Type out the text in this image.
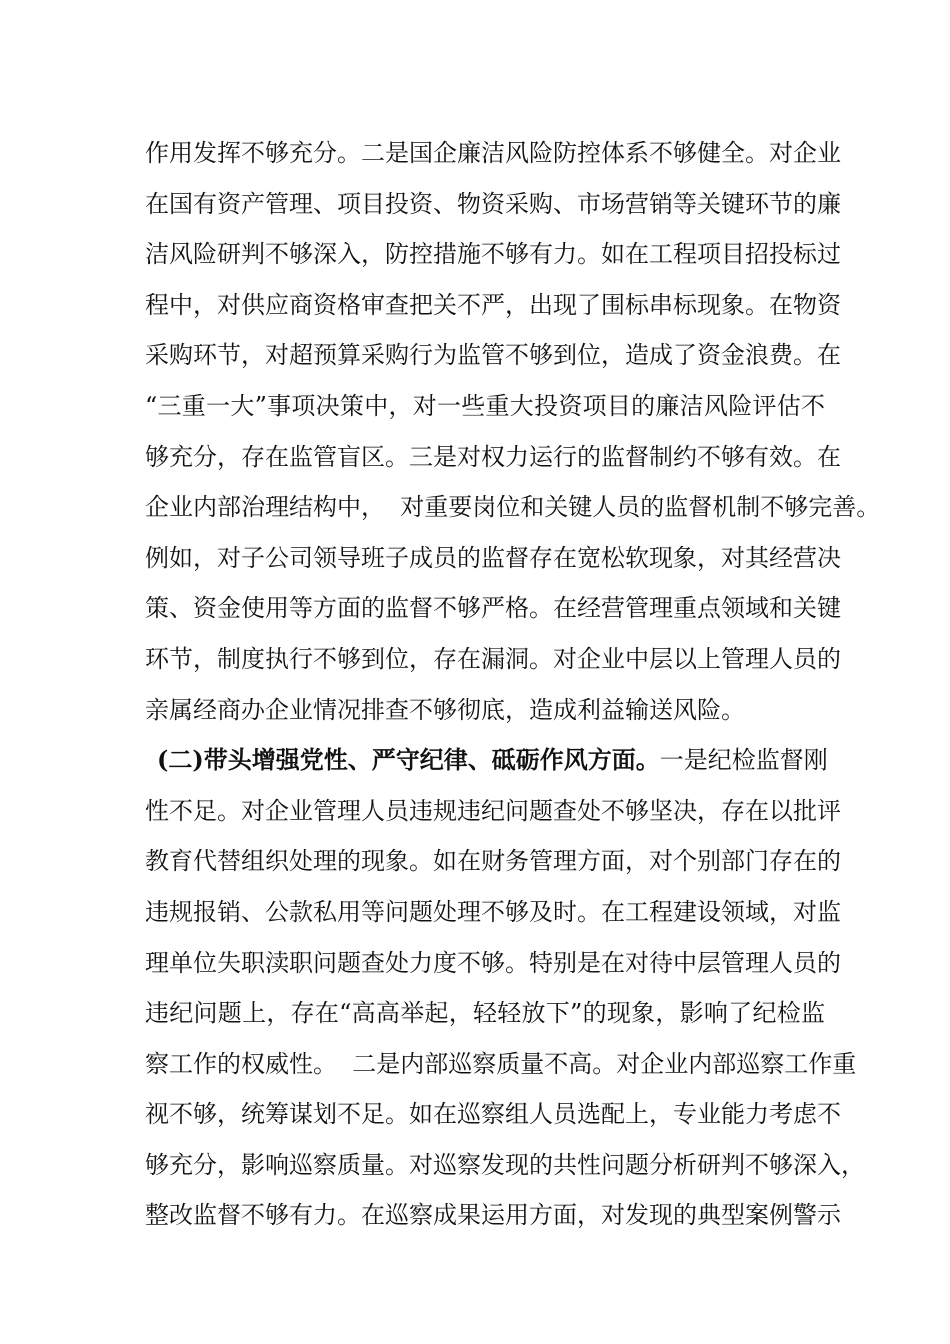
作用发挥不够充分。二是国企廉洁风险防控体系不够健全。对企业
在国有资产管理、项目投资、物资采购、市场营销等关键环节的廉
洁风险研判不够深入，防控措施不够有力。如在工程项目招投标过
程中，对供应商资格审查把关不严，出现了围标串标现象。在物资
采购环节，对超预算采购行为监管不够到位，造成了资金浪费。在
“三重一大”事项决策中，对一些重大投资项目的廉洁风险评估不
够充分，存在监管盲区。三是对权力运行的监督制约不够有效。在
企业内部治理结构中，  对重要岗位和关键人员的监督机制不够完善。
例如，对子公司领导班子成员的监督存在宽松软现象，对其经营决
策、资金使用等方面的监督不够严格。在经营管理重点领域和关键
环节，制度执行不够到位，存在漏洞。对企业中层以上管理人员的
亲属经商办企业情况排查不够彻底，造成利益输送风险。
(二)带头增强党性、严守纪律、砥砺作风方面。一是纪检监督刚
性不足。对企业管理人员违规违纪问题查处不够坚决，存在以批评
教育代替组织处理的现象。如在财务管理方面，对个别部门存在的
违规报销、公款私用等问题处理不够及时。在工程建设领域，对监
理单位失职渎职问题查处力度不够。特别是在对待中层管理人员的
违纪问题上，存在“高高举起，轻轻放下”的现象，影响了纪检监
察工作的权威性。  二是内部巡察质量不高。对企业内部巡察工作重
视不够，统筹谋划不足。如在巡察组人员选配上，专业能力考虑不
够充分，影响巡察质量。对巡察发现的共性问题分析研判不够深入，
整改监督不够有力。在巡察成果运用方面，对发现的典型案例警示
